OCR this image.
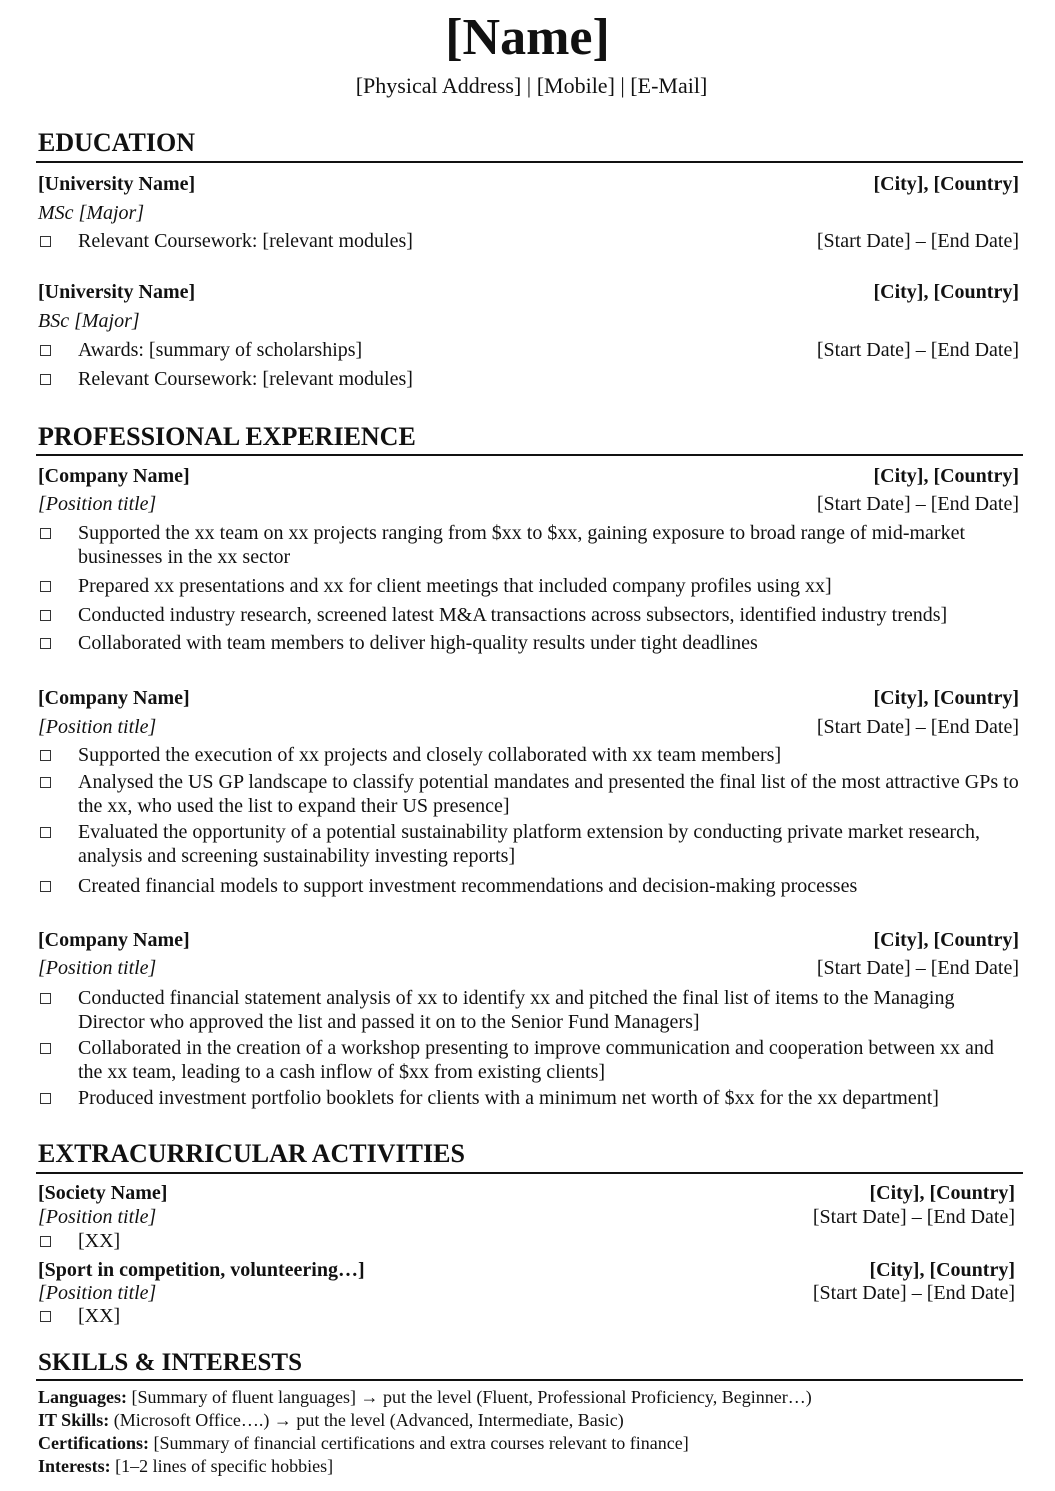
[Name]
[Physical Address] | [Mobile] | [E-Mail]
EDUCATION
[University Name]	[City], [Country]
MSc [Major]
Relevant Coursework: [relevant modules]	[Start Date] – [End Date]
[University Name]	[City], [Country]
BSc [Major]
Awards: [summary of scholarships]	[Start Date] – [End Date]
Relevant Coursework: [relevant modules]
PROFESSIONAL EXPERIENCE
[Company Name]	[City], [Country]
[Position title]	[Start Date] – [End Date]
Supported the xx team on xx projects ranging from $xx to $xx, gaining exposure to broad range of mid-market businesses in the xx sector
Prepared xx presentations and xx for client meetings that included company profiles using xx]
Conducted industry research, screened latest M&A transactions across subsectors, identified industry trends]
Collaborated with team members to deliver high-quality results under tight deadlines
[Company Name]	[City], [Country]
[Position title]	[Start Date] – [End Date]
Supported the execution of xx projects and closely collaborated with xx team members]
Analysed the US GP landscape to classify potential mandates and presented the final list of the most attractive GPs to the xx, who used the list to expand their US presence]
Evaluated the opportunity of a potential sustainability platform extension by conducting private market research, analysis and screening sustainability investing reports]
Created financial models to support investment recommendations and decision-making processes
[Company Name]	[City], [Country]
[Position title]	[Start Date] – [End Date]
Conducted financial statement analysis of xx to identify xx and pitched the final list of items to the Managing Director who approved the list and passed it on to the Senior Fund Managers]
Collaborated in the creation of a workshop presenting to improve communication and cooperation between xx and the xx team, leading to a cash inflow of $xx from existing clients]
Produced investment portfolio booklets for clients with a minimum net worth of $xx for the xx department]
EXTRACURRICULAR ACTIVITIES
[Society Name]	[City], [Country]
[Position title]	[Start Date] – [End Date]
[XX]
[Sport in competition, volunteering…]	[City], [Country]
[Position title]	[Start Date] – [End Date]
[XX]
SKILLS & INTERESTS
Languages: [Summary of fluent languages] → put the level (Fluent, Professional Proficiency, Beginner…)
IT Skills: (Microsoft Office….) → put the level (Advanced, Intermediate, Basic)
Certifications: [Summary of financial certifications and extra courses relevant to finance]
Interests: [1–2 lines of specific hobbies]
